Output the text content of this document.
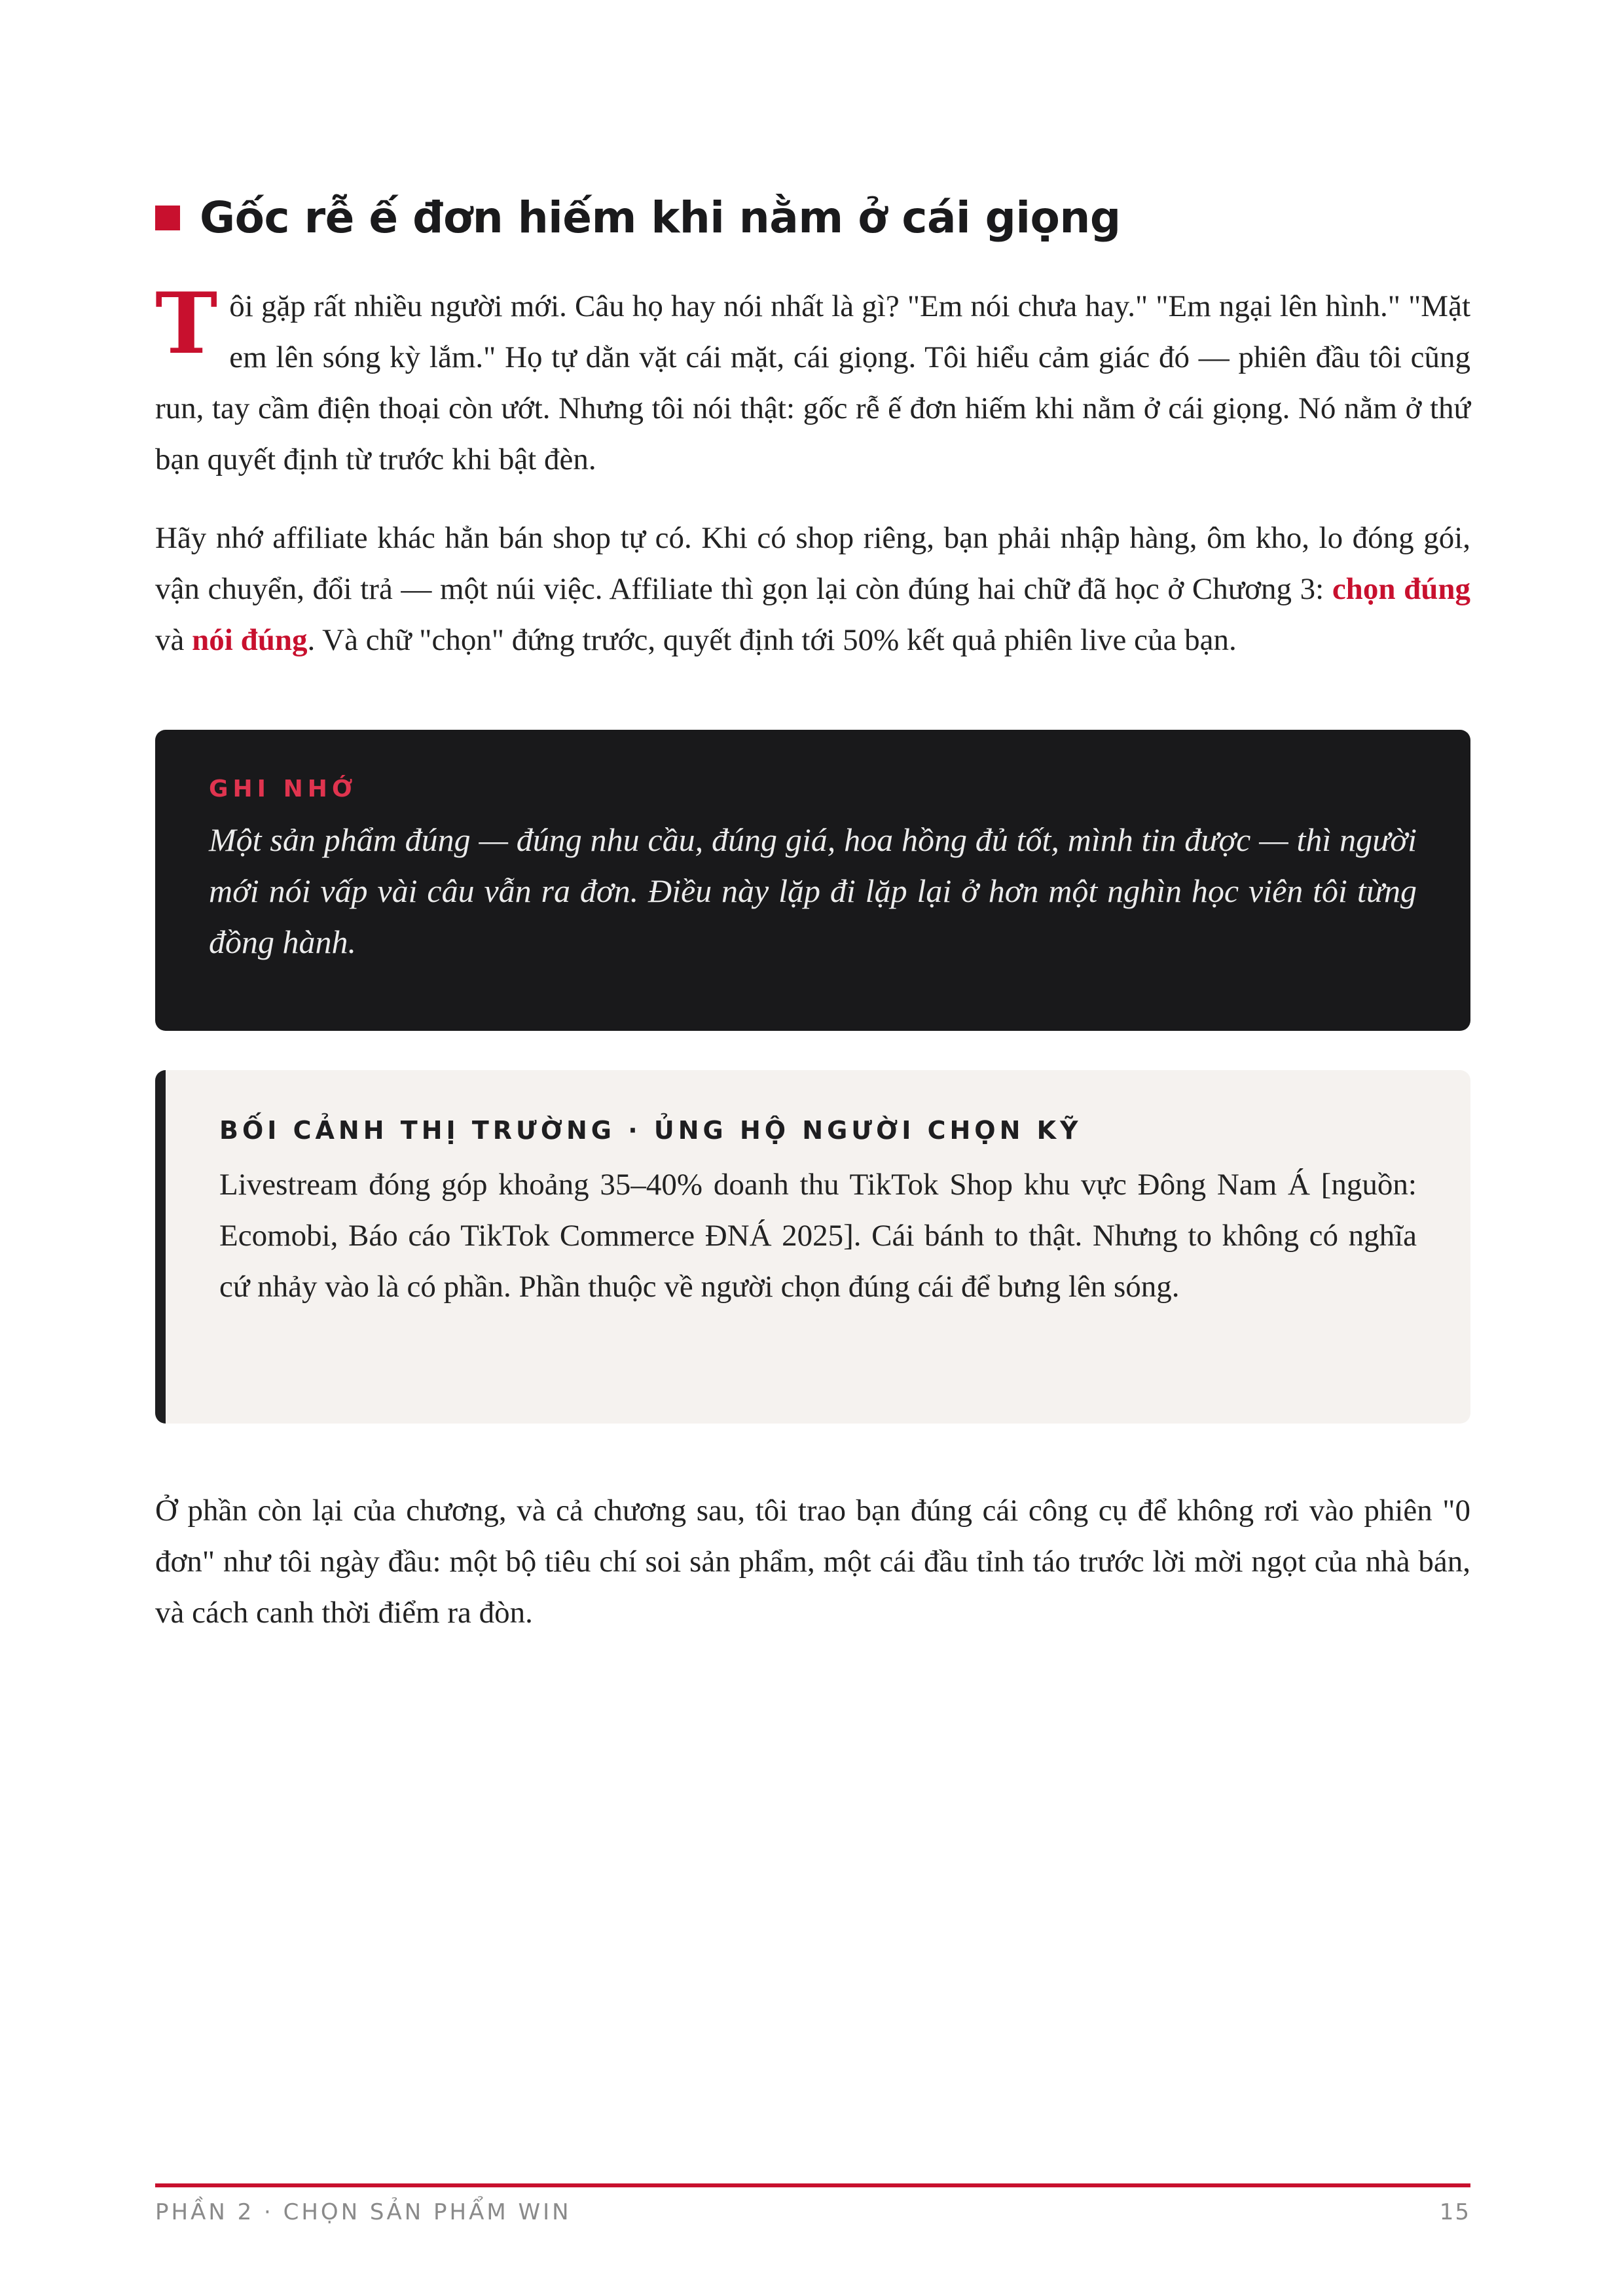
Gốc rễ ế đơn hiếm khi nằm ở cái giọng

Tôi gặp rất nhiều người mới. Câu họ hay nói nhất là gì? "Em nói chưa hay." "Em ngại lên hình." "Mặt em lên sóng kỳ lắm." Họ tự dằn vặt cái mặt, cái giọng. Tôi hiểu cảm giác đó — phiên đầu tôi cũng run, tay cầm điện thoại còn ướt. Nhưng tôi nói thật: gốc rễ ế đơn hiếm khi nằm ở cái giọng. Nó nằm ở thứ bạn quyết định từ trước khi bật đèn.

Hãy nhớ affiliate khác hẳn bán shop tự có. Khi có shop riêng, bạn phải nhập hàng, ôm kho, lo đóng gói, vận chuyển, đổi trả — một núi việc. Affiliate thì gọn lại còn đúng hai chữ đã học ở Chương 3: chọn đúng và nói đúng. Và chữ "chọn" đứng trước, quyết định tới 50% kết quả phiên live của bạn.

GHI NHỚ
Một sản phẩm đúng — đúng nhu cầu, đúng giá, hoa hồng đủ tốt, mình tin được — thì người mới nói vấp vài câu vẫn ra đơn. Điều này lặp đi lặp lại ở hơn một nghìn học viên tôi từng đồng hành.
BỐI CẢNH THỊ TRƯỜNG · ỦNG HỘ NGƯỜI CHỌN KỸ
Livestream đóng góp khoảng 35–40% doanh thu TikTok Shop khu vực Đông Nam Á [nguồn: Ecomobi, Báo cáo TikTok Commerce ĐNÁ 2025]. Cái bánh to thật. Nhưng to không có nghĩa cứ nhảy vào là có phần. Phần thuộc về người chọn đúng cái để bưng lên sóng.

Ở phần còn lại của chương, và cả chương sau, tôi trao bạn đúng cái công cụ để không rơi vào phiên "0 đơn" như tôi ngày đầu: một bộ tiêu chí soi sản phẩm, một cái đầu tỉnh táo trước lời mời ngọt của nhà bán, và cách canh thời điểm ra đòn.

PHẦN 2 · CHỌN SẢN PHẨM WIN	15
